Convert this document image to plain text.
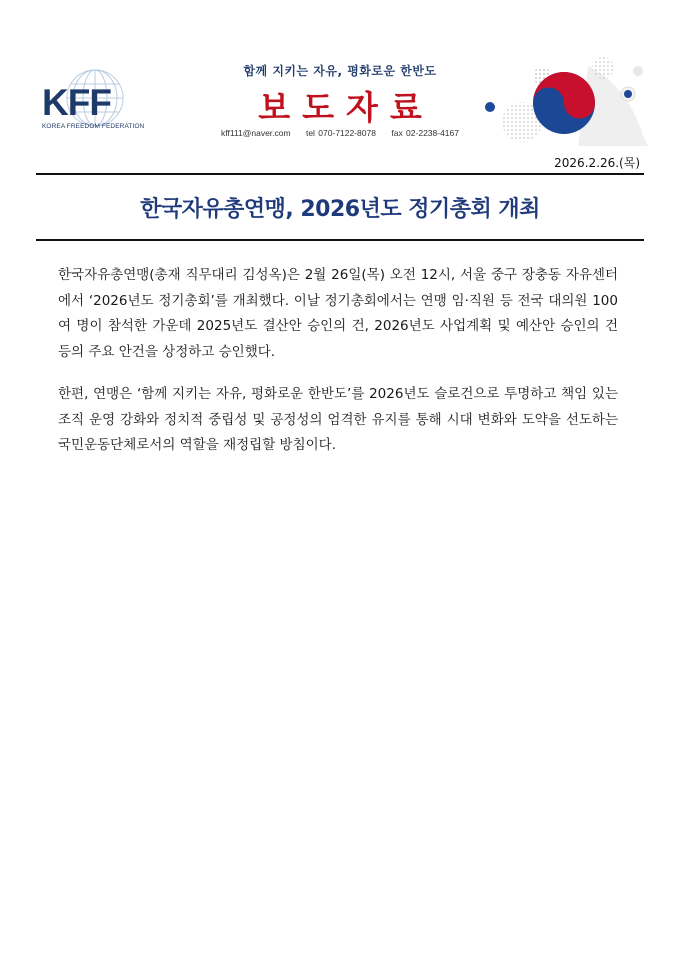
KFF
KOREA FREEDOM FEDERATION
함께 지키는 자유, 평화로운 한반도
보도자료
kff111@naver.com tel 070-7122-8078 fax 02-2238-4167
2026.2.26.(목)
한국자유총연맹, 2026년도 정기총회 개최

한국자유총연맹(총재 직무대리 김성옥)은 2월 26일(목) 오전 12시, 서울 중구 장충동 자유센터에서 ‘2026년도 정기총회’를 개최했다. 이날 정기총회에서는 연맹 임·직원 등 전국 대의원 100여 명이 참석한 가운데 2025년도 결산안 승인의 건, 2026년도 사업계획 및 예산안 승인의 건 등의 주요 안건을 상정하고 승인했다.

한편, 연맹은 ‘함께 지키는 자유, 평화로운 한반도’를 2026년도 슬로건으로 투명하고 책임 있는 조직 운영 강화와 정치적 중립성 및 공정성의 엄격한 유지를 통해 시대 변화와 도약을 선도하는 국민운동단체로서의 역할을 재정립할 방침이다.
